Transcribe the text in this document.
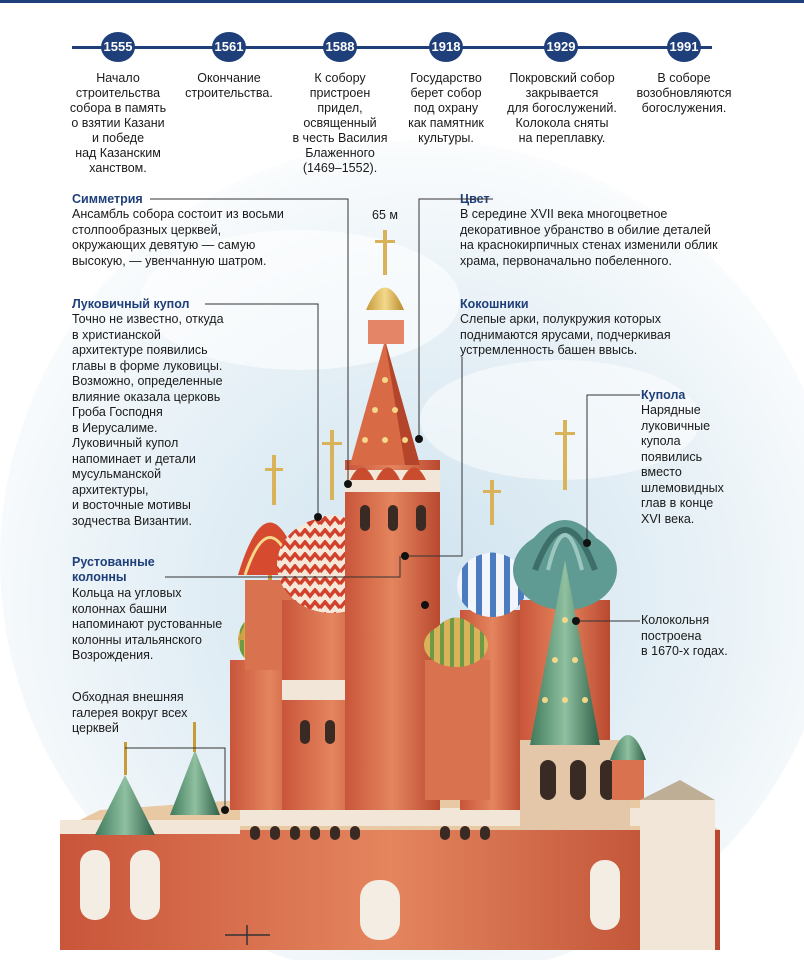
1555	1561	1588	1918	1929	1991
Начало
строительства
собора в память
о взятии Казани
и победе
над Казанским
ханством.
Окончание
строительства.
К собору
пристроен
придел,
освященный
в честь Василия
Блаженного
(1469–1552).
Государство
берет собор
под охрану
как памятник
культуры.
Покровский собор
закрывается
для богослужений.
Колокола сняты
на переплавку.
В соборе
возобновляются
богослужения.
Симметрия
Ансамбль собора состоит из восьми
столпообразных церквей,
окружающих девятую — самую
высокую, — увенчанную шатром.
Луковичный купол
Точно не известно, откуда
в христианской
архитектуре появились
главы в форме луковицы.
Возможно, определенные
влияние оказала церковь
Гроба Господня
в Иерусалиме.
Луковичный купол
напоминает и детали
мусульманской
архитектуры,
и восточные мотивы
зодчества Византии.
Рустованные
колонны
Кольца на угловых
колоннах башни
напоминают рустованные
колонны итальянского
Возрождения.
Обходная внешняя
галерея вокруг всех
церквей
Цвет
В середине XVII века многоцветное
декоративное убранство в обилие деталей
на краснокирпичных стенах изменили облик
храма, первоначально побеленного.
Кокошники
Слепые арки, полукружия которых
поднимаются ярусами, подчеркивая
устремленность башен ввысь.
Купола
Нарядные
луковичные
купола
появились
вместо
шлемовидных
глав в конце
XVI века.
Колокольня
построена
в 1670-х годах.
65 м
